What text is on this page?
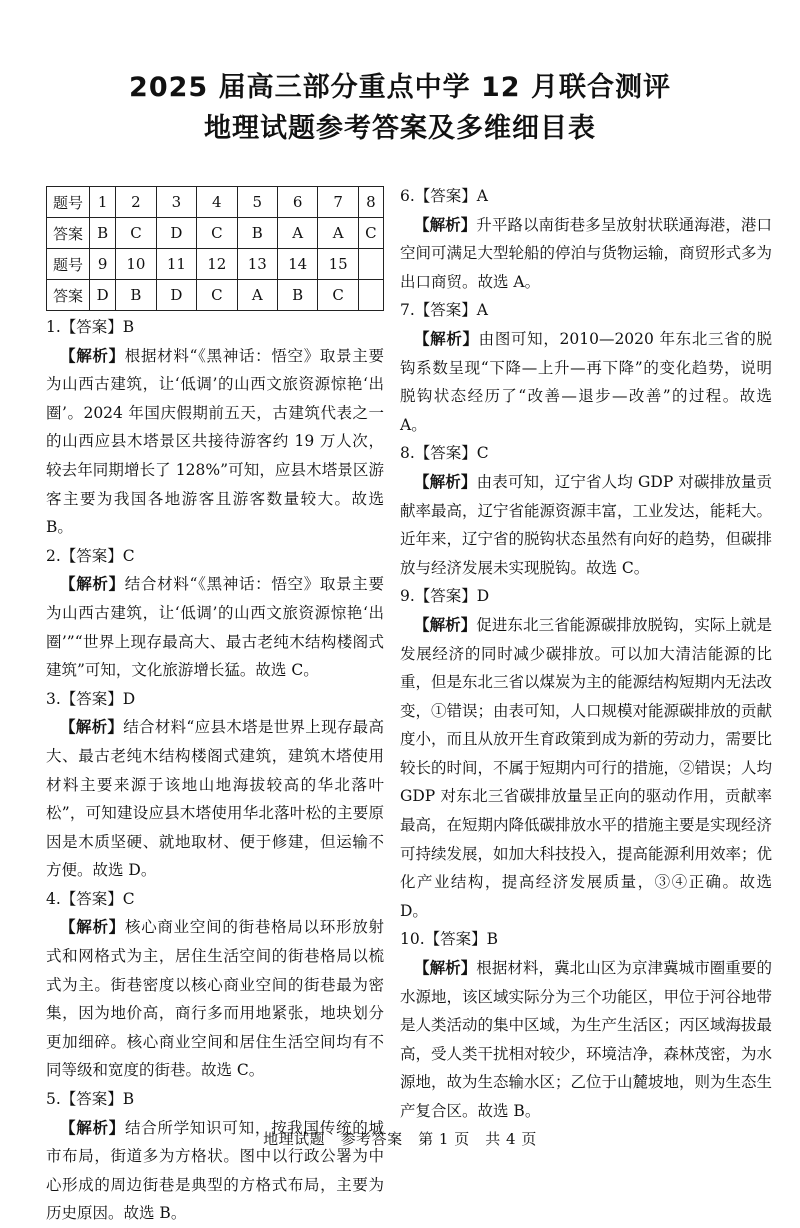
2025 届高三部分重点中学 12 月联合测评
地理试题参考答案及多维细目表
题号	1	2	3	4	5	6	7	8
答案	B	C	D	C	B	A	A	C
题号	9	10	11	12	13	14	15	
答案	D	B	D	C	A	B	C	
1.【答案】B
【解析】根据材料“《黑神话：悟空》取景主要为山西古建筑，让‘低调’的山西文旅资源惊艳‘出圈’。2024 年国庆假期前五天，古建筑代表之一的山西应县木塔景区共接待游客约 19 万人次，较去年同期增长了 128%”可知，应县木塔景区游客主要为我国各地游客且游客数量较大。故选 B。
2.【答案】C
【解析】结合材料“《黑神话：悟空》取景主要为山西古建筑，让‘低调’的山西文旅资源惊艳‘出圈’”“世界上现存最高大、最古老纯木结构楼阁式建筑”可知，文化旅游增长猛。故选 C。
3.【答案】D
【解析】结合材料“应县木塔是世界上现存最高大、最古老纯木结构楼阁式建筑，建筑木塔使用材料主要来源于该地山地海拔较高的华北落叶松”，可知建设应县木塔使用华北落叶松的主要原因是木质坚硬、就地取材、便于修建，但运输不方便。故选 D。
4.【答案】C
【解析】核心商业空间的街巷格局以环形放射式和网格式为主，居住生活空间的街巷格局以梳式为主。街巷密度以核心商业空间的街巷最为密集，因为地价高，商行多而用地紧张，地块划分更加细碎。核心商业空间和居住生活空间均有不同等级和宽度的街巷。故选 C。
5.【答案】B
【解析】结合所学知识可知，按我国传统的城市布局，街道多为方格状。图中以行政公署为中心形成的周边街巷是典型的方格式布局，主要为历史原因。故选 B。
6.【答案】A
【解析】升平路以南街巷多呈放射状联通海港，港口空间可满足大型轮船的停泊与货物运输，商贸形式多为出口商贸。故选 A。
7.【答案】A
【解析】由图可知，2010—2020 年东北三省的脱钩系数呈现“下降—上升—再下降”的变化趋势，说明脱钩状态经历了“改善—退步—改善”的过程。故选 A。
8.【答案】C
【解析】由表可知，辽宁省人均 GDP 对碳排放量贡献率最高，辽宁省能源资源丰富，工业发达，能耗大。近年来，辽宁省的脱钩状态虽然有向好的趋势，但碳排放与经济发展未实现脱钩。故选 C。
9.【答案】D
【解析】促进东北三省能源碳排放脱钩，实际上就是发展经济的同时减少碳排放。可以加大清洁能源的比重，但是东北三省以煤炭为主的能源结构短期内无法改变，①错误；由表可知，人口规模对能源碳排放的贡献度小，而且从放开生育政策到成为新的劳动力，需要比较长的时间，不属于短期内可行的措施，②错误；人均 GDP 对东北三省碳排放量呈正向的驱动作用，贡献率最高，在短期内降低碳排放水平的措施主要是实现经济可持续发展，如加大科技投入，提高能源利用效率；优化产业结构，提高经济发展质量，③④正确。故选 D。
10.【答案】B
【解析】根据材料，冀北山区为京津冀城市圈重要的水源地，该区域实际分为三个功能区，甲位于河谷地带是人类活动的集中区域，为生产生活区；丙区域海拔最高，受人类干扰相对较少，环境洁净，森林茂密，为水源地，故为生态输水区；乙位于山麓坡地，则为生态生产复合区。故选 B。
地理试题　参考答案　第 1 页　共 4 页
